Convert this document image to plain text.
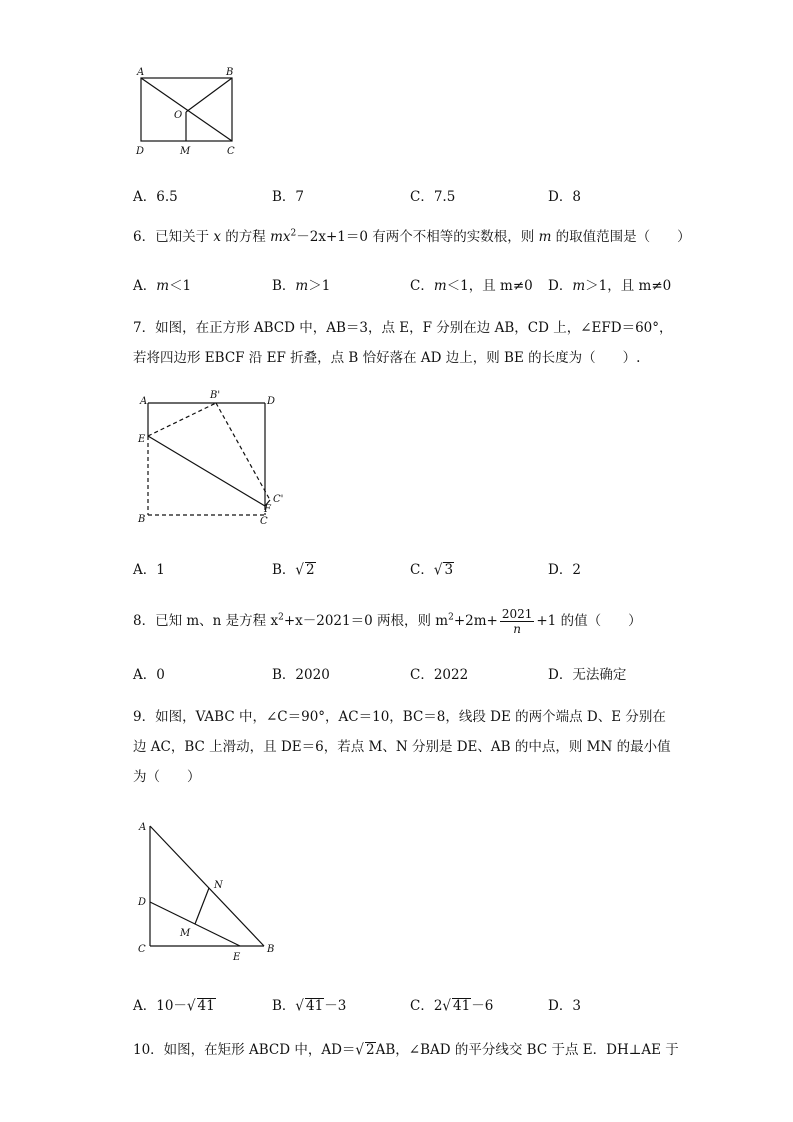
A	B
O
D	M	C
A．6.5	B．7	C．7.5	D．8
6．已知关于 x 的方程 $mx^2-2x+1=0$ 有两个不相等的实数根，则 m 的取值范围是（　　）
A．m＜1	B．m＞1	C．m＜1，且 m≠0 D．m＞1，且 m≠0
7．如图，在正方形 ABCD 中，AB＝3，点 E，F 分别在边 AB，CD 上，∠EFD＝60°，
若将四边形 EBCF 沿 EF 折叠，点 B 恰好落在 AD 边上，则 BE 的长度为（　　）.
A
B'
D
E
C'
F
B	C
A．1	B．√ 2	C．√ 3	D．2
8．已知 m、n 是方程 $x^2+x-2021=0$ 两根，则 $m^2+2m+ \frac{2021}{n} +1$ 的值（　　）
A．0	B．2020	C．2022	D．无法确定
9．如图，VABC 中，∠C＝90°，AC＝10，BC＝8，线段 DE 的两个端点 D、E 分别在
边 AC，BC 上滑动，且 DE＝6，若点 M、N 分别是 DE、AB 的中点，则 MN 的最小值
为（　　）
A
N
D
M
C
E
B
A．10－√ 41	B．√ 41－3	C．2√ 41－6	D．3
10．如图，在矩形 ABCD 中，AD＝√ 2AB，∠BAD 的平分线交 BC 于点 E．DH⊥AE 于
